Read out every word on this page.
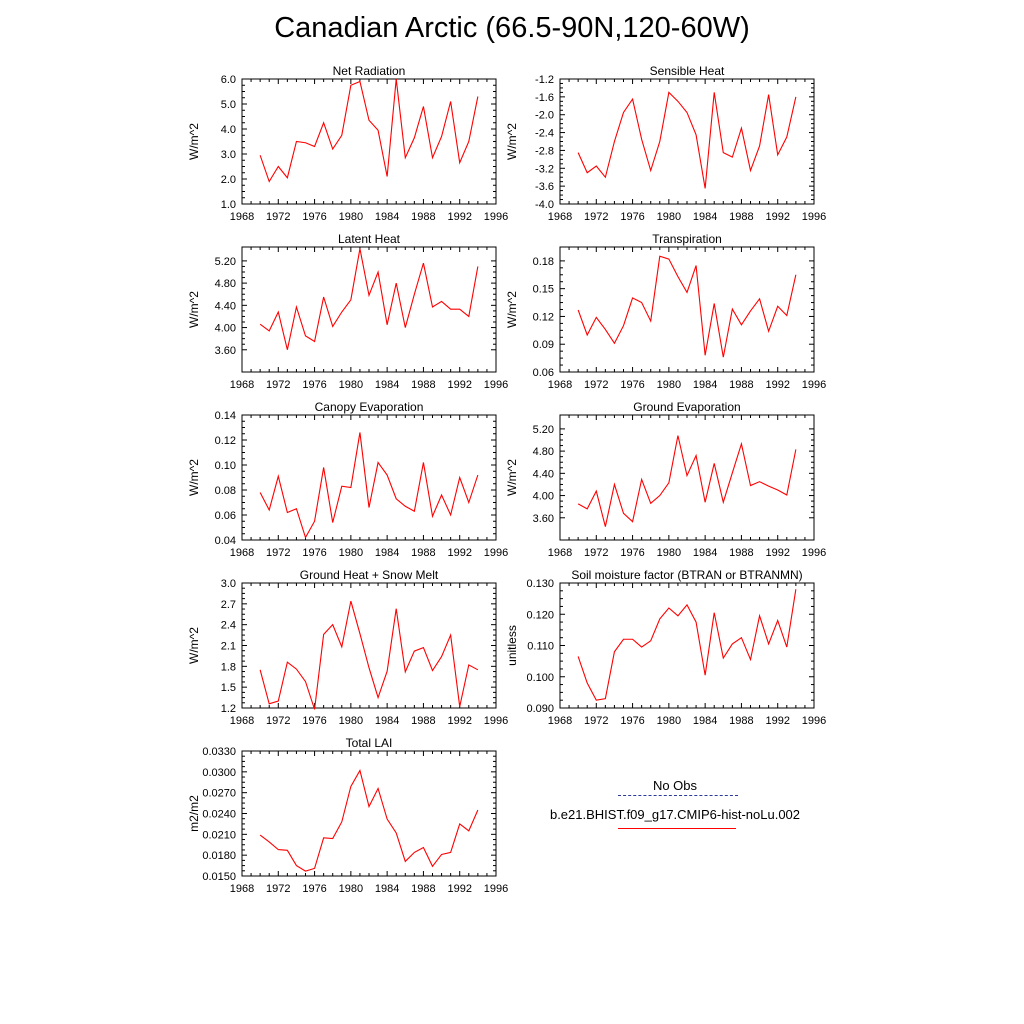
Canadian Arctic (66.5-90N,120-60W)
Net Radiation
W/m^2
1968 1972 1976 1980 1984 1988 1992 1996
1.0
2.0
3.0
4.0
5.0
6.0
Sensible Heat
W/m^2
1968 1972 1976 1980 1984 1988 1992 1996
-1.2
-1.6
-2.0
-2.4
-2.8
-3.2
-3.6
-4.0
Latent Heat
W/m^2
1968 1972 1976 1980 1984 1988 1992 1996
3.60
4.00
4.40
4.80
5.20
Transpiration
W/m^2
1968 1972 1976 1980 1984 1988 1992 1996
0.06
0.09
0.12
0.15
0.18
Canopy Evaporation
W/m^2
1968 1972 1976 1980 1984 1988 1992 1996
0.04
0.06
0.08
0.10
0.12
0.14
Ground Evaporation
W/m^2
1968 1972 1976 1980 1984 1988 1992 1996
3.60
4.00
4.40
4.80
5.20
Ground Heat + Snow Melt
W/m^2
1968 1972 1976 1980 1984 1988 1992 1996
1.2
1.5
1.8
2.1
2.4
2.7
3.0
Soil moisture factor (BTRAN or BTRANMN)
unitless
1968 1972 1976 1980 1984 1988 1992 1996
0.090
0.100
0.110
0.120
0.130
Total LAI
m2/m2
1968 1972 1976 1980 1984 1988 1992 1996
0.0150
0.0180
0.0210
0.0240
0.0270
0.0300
0.0330
No Obs
b.e21.BHIST.f09_g17.CMIP6-hist-noLu.002
